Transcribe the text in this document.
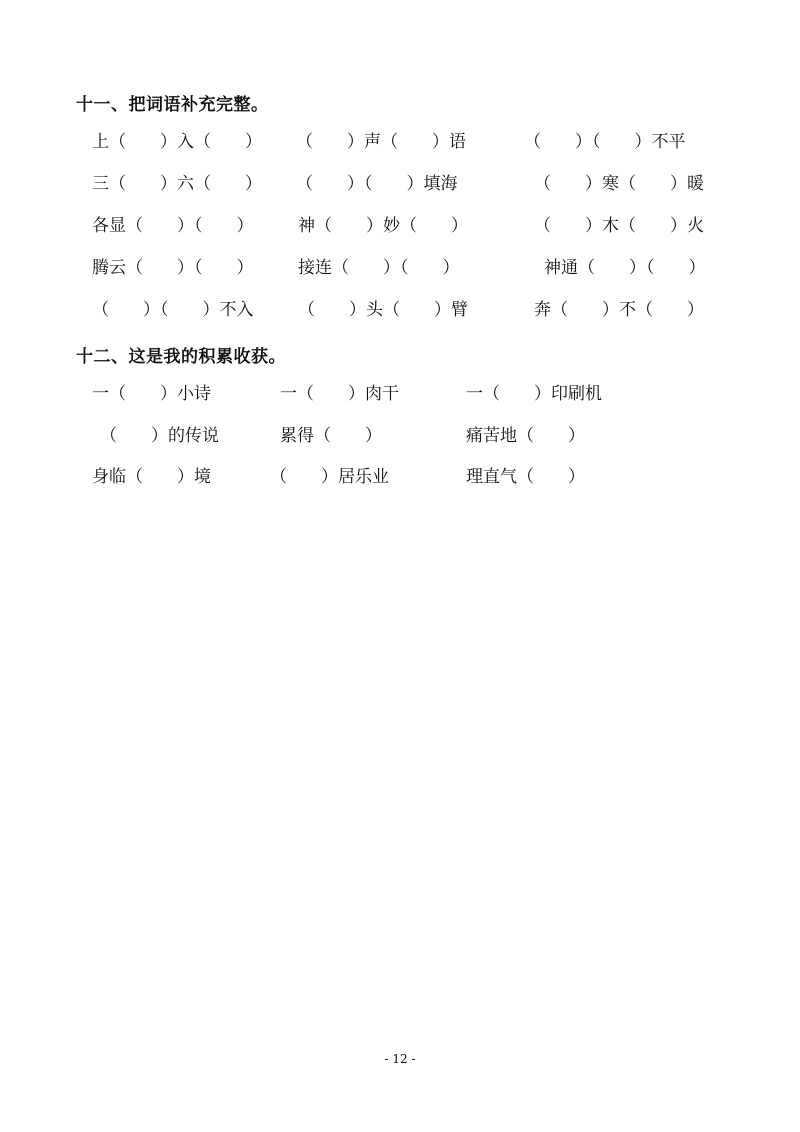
十一、把词语补充完整。
上（　　）入（　　） （　　）声（　　）语	（　　）（　　）不平
三（　　）六（　　） （　　）（　　）填海	（　　）寒（　　）暖
各显（　　）（　　）	神（　　）妙（　　）	（　　）木（　　）火
腾云（　　）（　　）	接连（　　）（　　）	神通（　　）（　　）
（　　）（　　）不入	（　　）头（　　）臂	奔（　　）不（　　）
十二、这是我的积累收获。
一（　　）小诗	一（　　）肉干	一（　　）印刷机
（　　）的传说	累得（　　）	痛苦地（　　）
身临（　　）境	（　　）居乐业	理直气（　　）
- 12 -
